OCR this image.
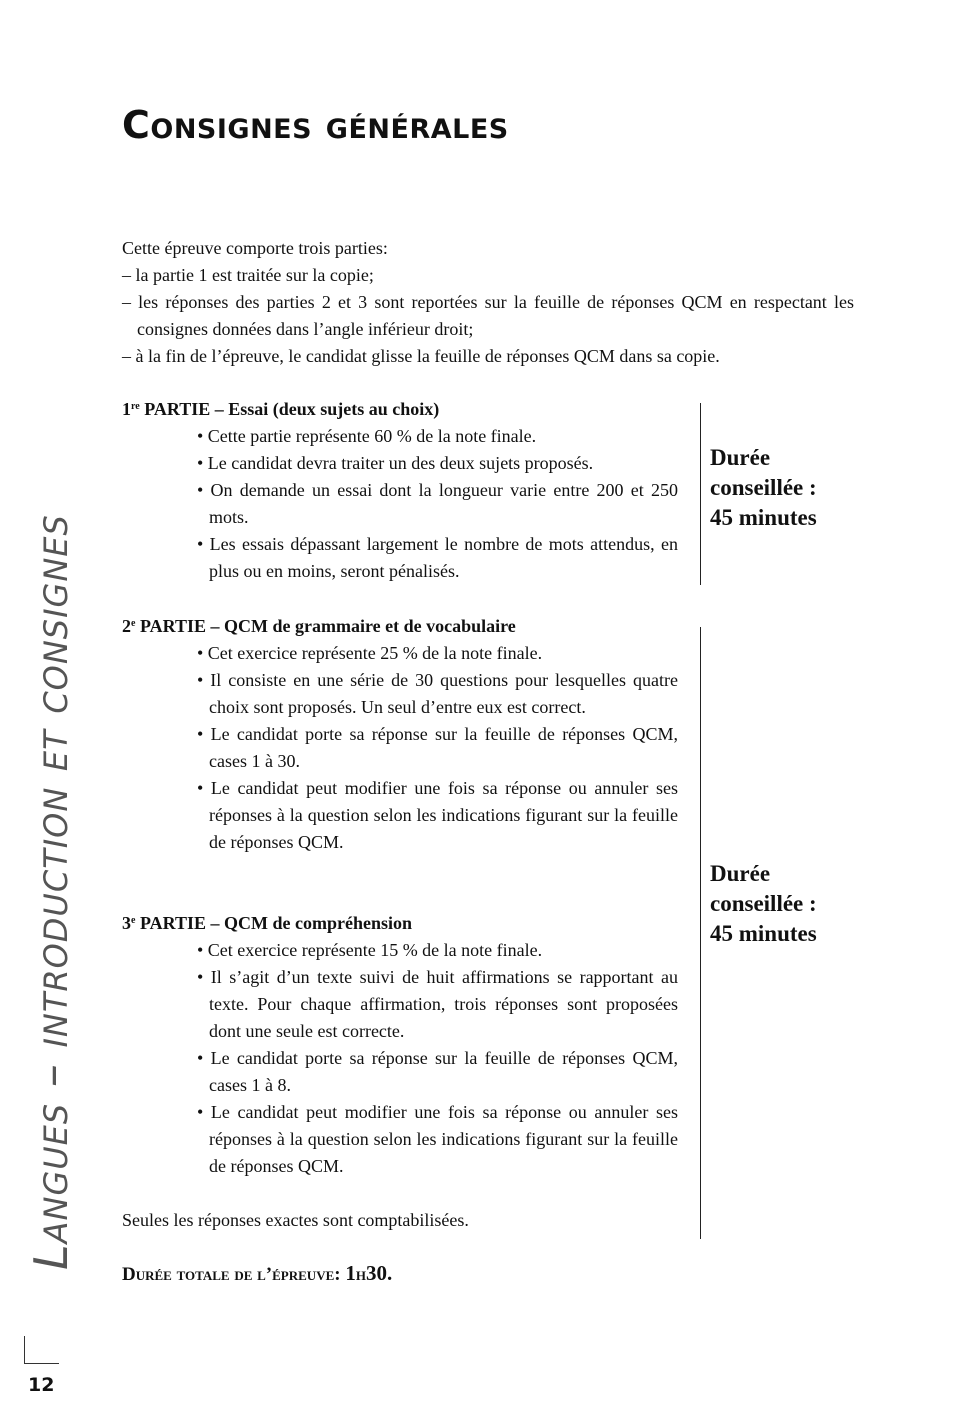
Consignes générales
Langues – introduction et consignes
12

Cette épreuve comporte trois parties:

– la partie 1 est traitée sur la copie;

– les réponses des parties 2 et 3 sont reportées sur la feuille de réponses QCM en respectant les consignes données dans l’angle inférieur droit;

– à la fin de l’épreuve, le candidat glisse la feuille de réponses QCM dans sa copie.

1re PARTIE – Essai (deux sujets au choix)
• Cette partie représente 60 % de la note finale.
• Le candidat devra traiter un des deux sujets proposés.
• On demande un essai dont la longueur varie entre 200 et 250 mots.
• Les essais dépassant largement le nombre de mots attendus, en plus ou en moins, seront pénalisés.
Durée
conseillée :
45 minutes
2e PARTIE – QCM de grammaire et de vocabulaire
• Cet exercice représente 25 % de la note finale.
• Il consiste en une série de 30 questions pour lesquelles quatre choix sont proposés. Un seul d’entre eux est correct.
• Le candidat porte sa réponse sur la feuille de réponses QCM, cases 1 à 30.
• Le candidat peut modifier une fois sa réponse ou annuler ses réponses à la question selon les indications figurant sur la feuille de réponses QCM.
3e PARTIE – QCM de compréhension
• Cet exercice représente 15 % de la note finale.
• Il s’agit d’un texte suivi de huit affirmations se rapportant au texte. Pour chaque affirmation, trois réponses sont proposées dont une seule est correcte.
• Le candidat porte sa réponse sur la feuille de réponses QCM, cases 1 à 8.
• Le candidat peut modifier une fois sa réponse ou annuler ses réponses à la question selon les indications figurant sur la feuille de réponses QCM.
Durée
conseillée :
45 minutes
Seules les réponses exactes sont comptabilisées.
Durée totale de l’épreuve: 1h30.
